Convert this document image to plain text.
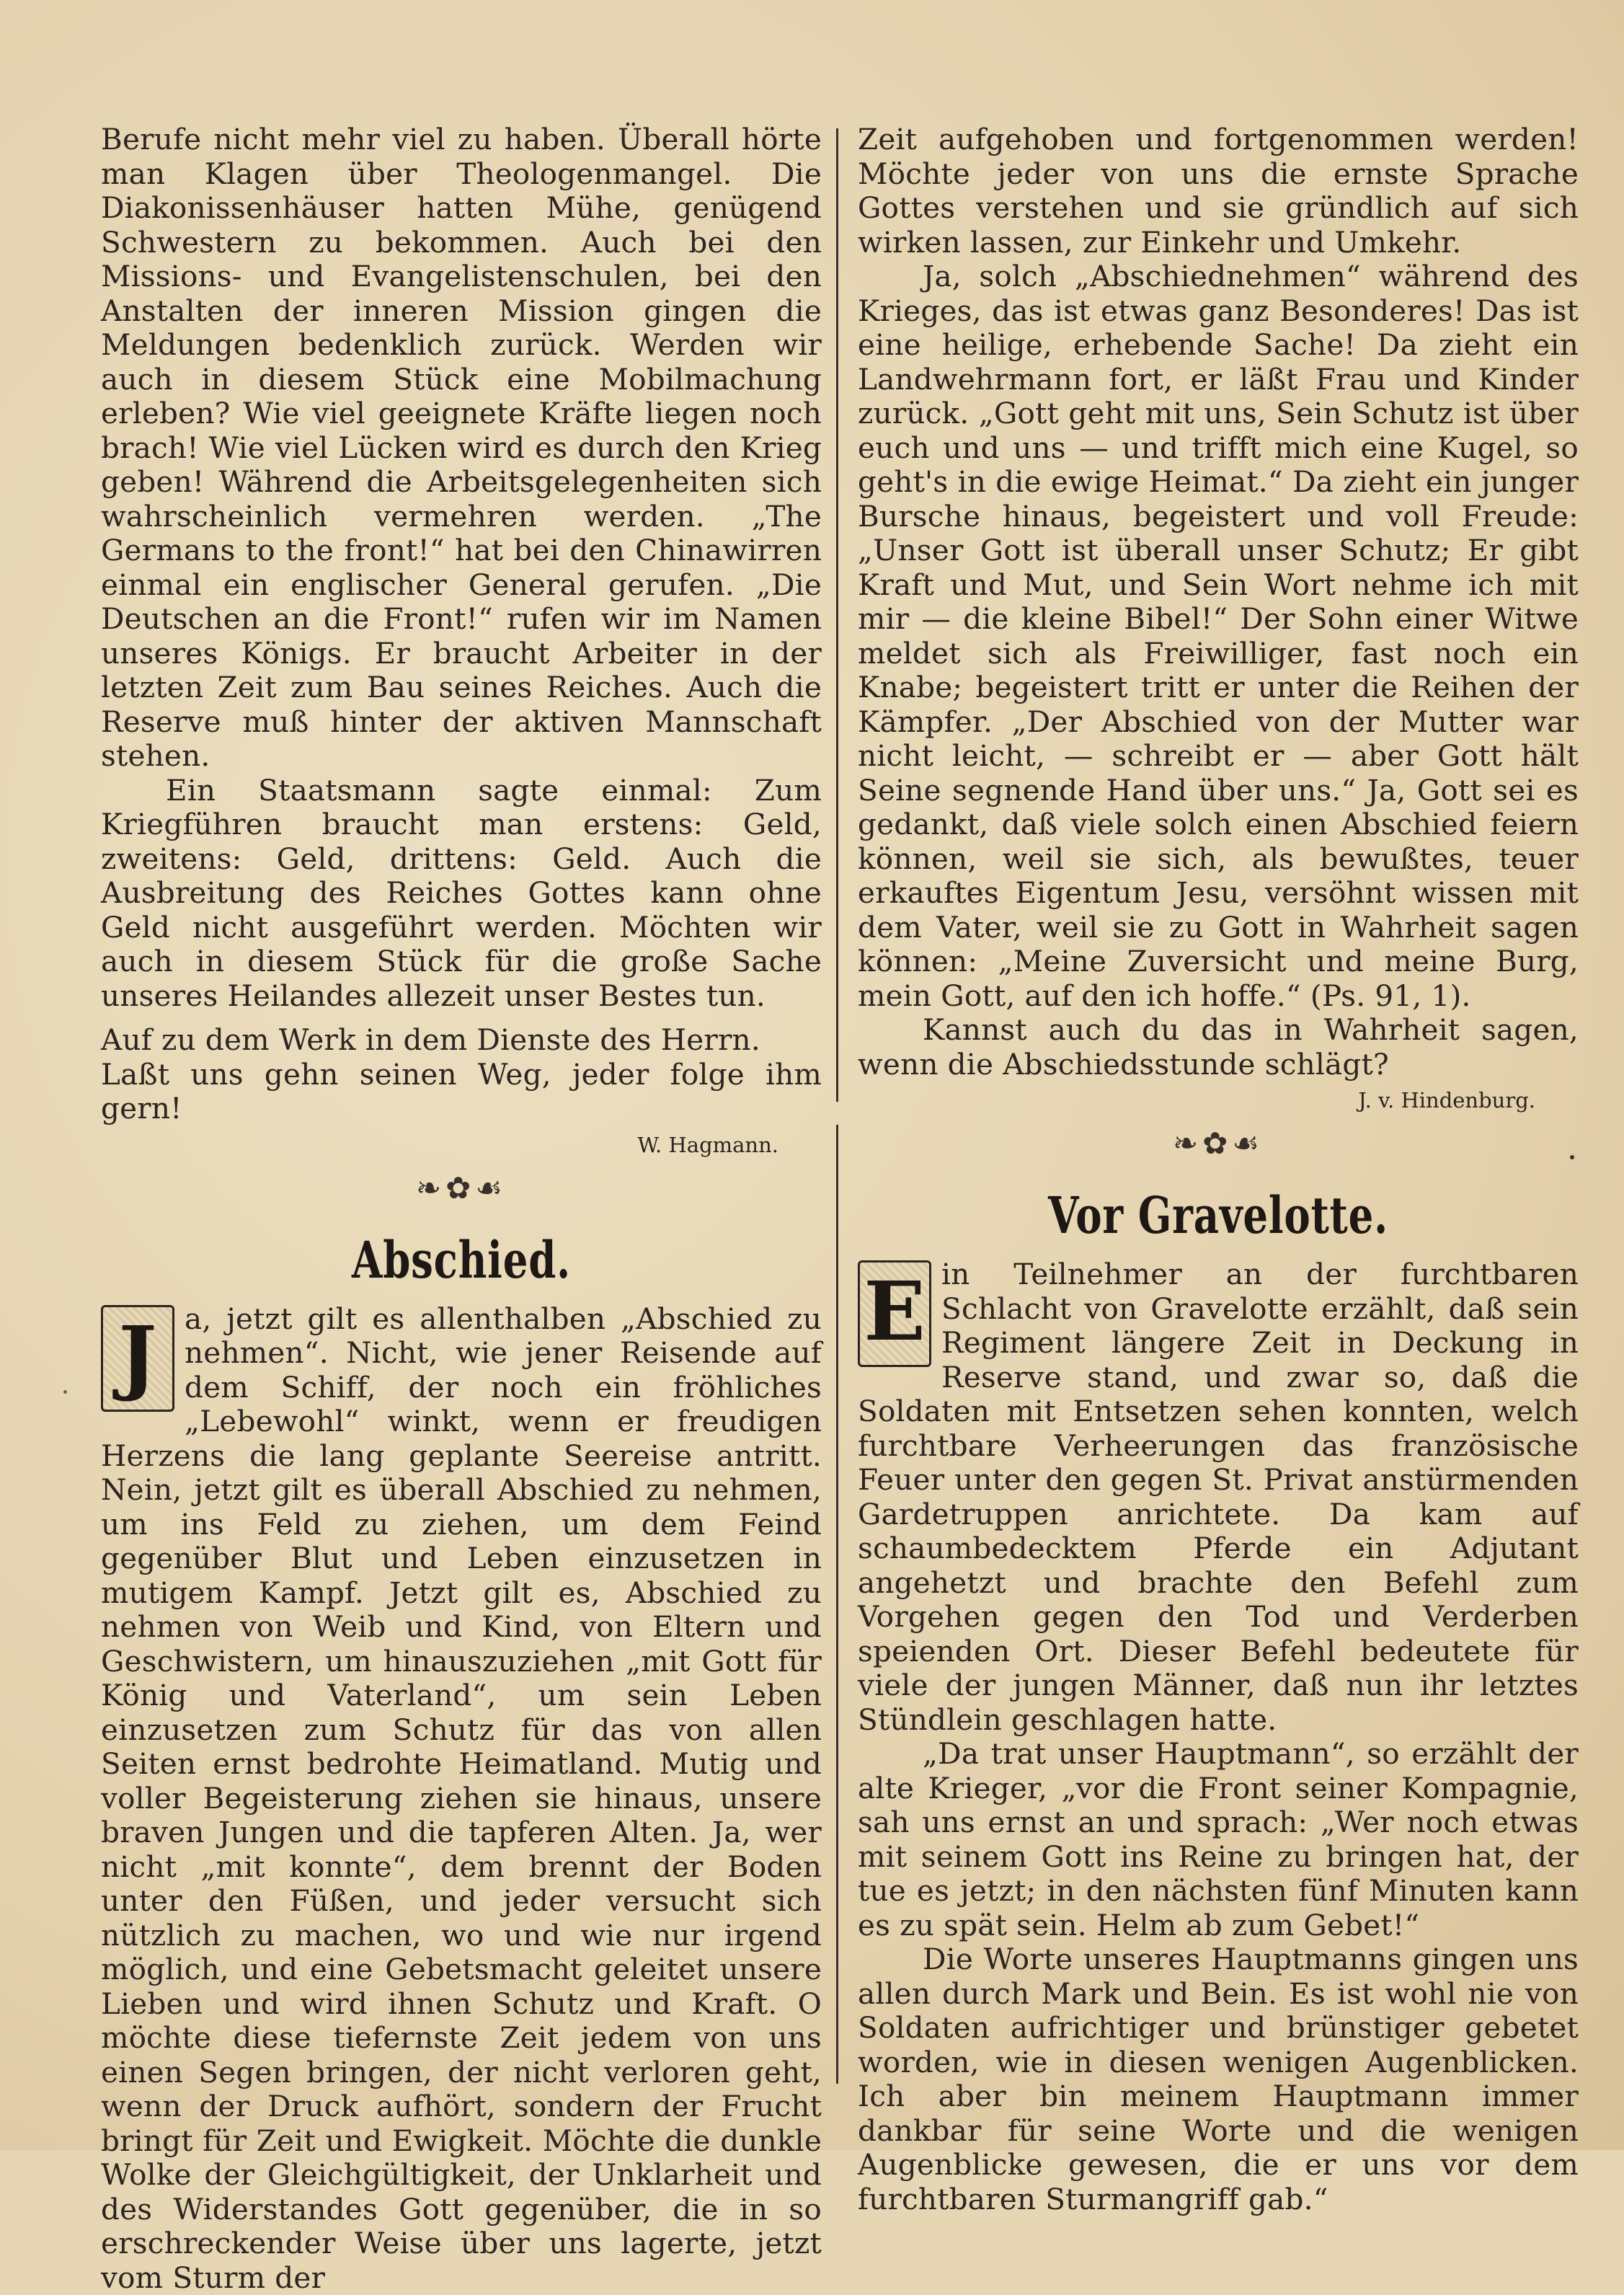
Berufe nicht mehr viel zu haben. Überall hörte man Klagen über Theologenmangel. Die Diakonissenhäuser hatten Mühe, genügend Schwestern zu bekommen. Auch bei den Missions- und Evangelistenschulen, bei den Anstalten der inneren Mission gingen die Meldungen bedenklich zurück. Werden wir auch in diesem Stück eine Mobilmachung erleben? Wie viel geeignete Kräfte liegen noch brach! Wie viel Lücken wird es durch den Krieg geben! Während die Arbeitsgelegenheiten sich wahrscheinlich vermehren werden. „The Germans to the front!“ hat bei den Chinawirren einmal ein englischer General gerufen. „Die Deutschen an die Front!“ rufen wir im Namen unseres Königs. Er braucht Arbeiter in der letzten Zeit zum Bau seines Reiches. Auch die Reserve muß hinter der aktiven Mannschaft stehen.

Ein Staatsmann sagte einmal: Zum Kriegführen braucht man erstens: Geld, zweitens: Geld, drittens: Geld. Auch die Ausbreitung des Reiches Gottes kann ohne Geld nicht ausgeführt werden. Möchten wir auch in diesem Stück für die große Sache unseres Heilandes allezeit unser Bestes tun.

Auf zu dem Werk in dem Dienste des Herrn.

Laßt uns gehn seinen Weg, jeder folge ihm gern!

W. Hagmann.

❧✿☙
Abschied.
J a, jetzt gilt es allenthalben „Abschied zu nehmen“. Nicht, wie jener Reisende auf dem Schiff, der noch ein fröhliches „Lebewohl“ winkt, wenn er freudigen Herzens die lang geplante Seereise antritt. Nein, jetzt gilt es überall Abschied zu nehmen, um ins Feld zu ziehen, um dem Feind gegenüber Blut und Leben einzusetzen in mutigem Kampf. Jetzt gilt es, Abschied zu nehmen von Weib und Kind, von Eltern und Geschwistern, um hinauszuziehen „mit Gott für König und Vaterland“, um sein Leben einzusetzen zum Schutz für das von allen Seiten ernst bedrohte Heimatland. Mutig und voller Begeisterung ziehen sie hinaus, unsere braven Jungen und die tapferen Alten. Ja, wer nicht „mit konnte“, dem brennt der Boden unter den Füßen, und jeder versucht sich nützlich zu machen, wo und wie nur irgend möglich, und eine Gebetsmacht geleitet unsere Lieben und wird ihnen Schutz und Kraft. O möchte diese tiefernste Zeit jedem von uns einen Segen bringen, der nicht verloren geht, wenn der Druck aufhört, sondern der Frucht bringt für Zeit und Ewigkeit. Möchte die dunkle Wolke der Gleichgültigkeit, der Unklarheit und des Widerstandes Gott gegenüber, die in so erschreckender Weise über uns lagerte, jetzt vom Sturm der

Zeit aufgehoben und fortgenommen werden! Möchte jeder von uns die ernste Sprache Gottes verstehen und sie gründlich auf sich wirken lassen, zur Einkehr und Umkehr.

Ja, solch „Abschiednehmen“ während des Krieges, das ist etwas ganz Besonderes! Das ist eine heilige, erhebende Sache! Da zieht ein Landwehrmann fort, er läßt Frau und Kinder zurück. „Gott geht mit uns, Sein Schutz ist über euch und uns — und trifft mich eine Kugel, so geht's in die ewige Heimat.“ Da zieht ein junger Bursche hinaus, begeistert und voll Freude: „Unser Gott ist überall unser Schutz; Er gibt Kraft und Mut, und Sein Wort nehme ich mit mir — die kleine Bibel!“ Der Sohn einer Witwe meldet sich als Freiwilliger, fast noch ein Knabe; begeistert tritt er unter die Reihen der Kämpfer. „Der Abschied von der Mutter war nicht leicht, — schreibt er — aber Gott hält Seine segnende Hand über uns.“ Ja, Gott sei es gedankt, daß viele solch einen Abschied feiern können, weil sie sich, als bewußtes, teuer erkauftes Eigentum Jesu, versöhnt wissen mit dem Vater, weil sie zu Gott in Wahrheit sagen können: „Meine Zuversicht und meine Burg, mein Gott, auf den ich hoffe.“ (Ps. 91, 1).

Kannst auch du das in Wahrheit sagen, wenn die Abschiedsstunde schlägt?

J. v. Hindenburg.

❧✿☙
Vor Gravelotte.
E in Teilnehmer an der furchtbaren Schlacht von Gravelotte erzählt, daß sein Regiment längere Zeit in Deckung in Reserve stand, und zwar so, daß die Soldaten mit Entsetzen sehen konnten, welch furchtbare Verheerungen das französische Feuer unter den gegen St. Privat anstürmenden Gardetruppen anrichtete. Da kam auf schaumbedecktem Pferde ein Adjutant angehetzt und brachte den Befehl zum Vorgehen gegen den Tod und Verderben speienden Ort. Dieser Befehl bedeutete für viele der jungen Männer, daß nun ihr letztes Stündlein geschlagen hatte.

„Da trat unser Hauptmann“, so erzählt der alte Krieger, „vor die Front seiner Kompagnie, sah uns ernst an und sprach: „Wer noch etwas mit seinem Gott ins Reine zu bringen hat, der tue es jetzt; in den nächsten fünf Minuten kann es zu spät sein. Helm ab zum Gebet!“

Die Worte unseres Hauptmanns gingen uns allen durch Mark und Bein. Es ist wohl nie von Soldaten aufrichtiger und brünstiger gebetet worden, wie in diesen wenigen Augenblicken. Ich aber bin meinem Hauptmann immer dankbar für seine Worte und die wenigen Augenblicke gewesen, die er uns vor dem furchtbaren Sturmangriff gab.“
